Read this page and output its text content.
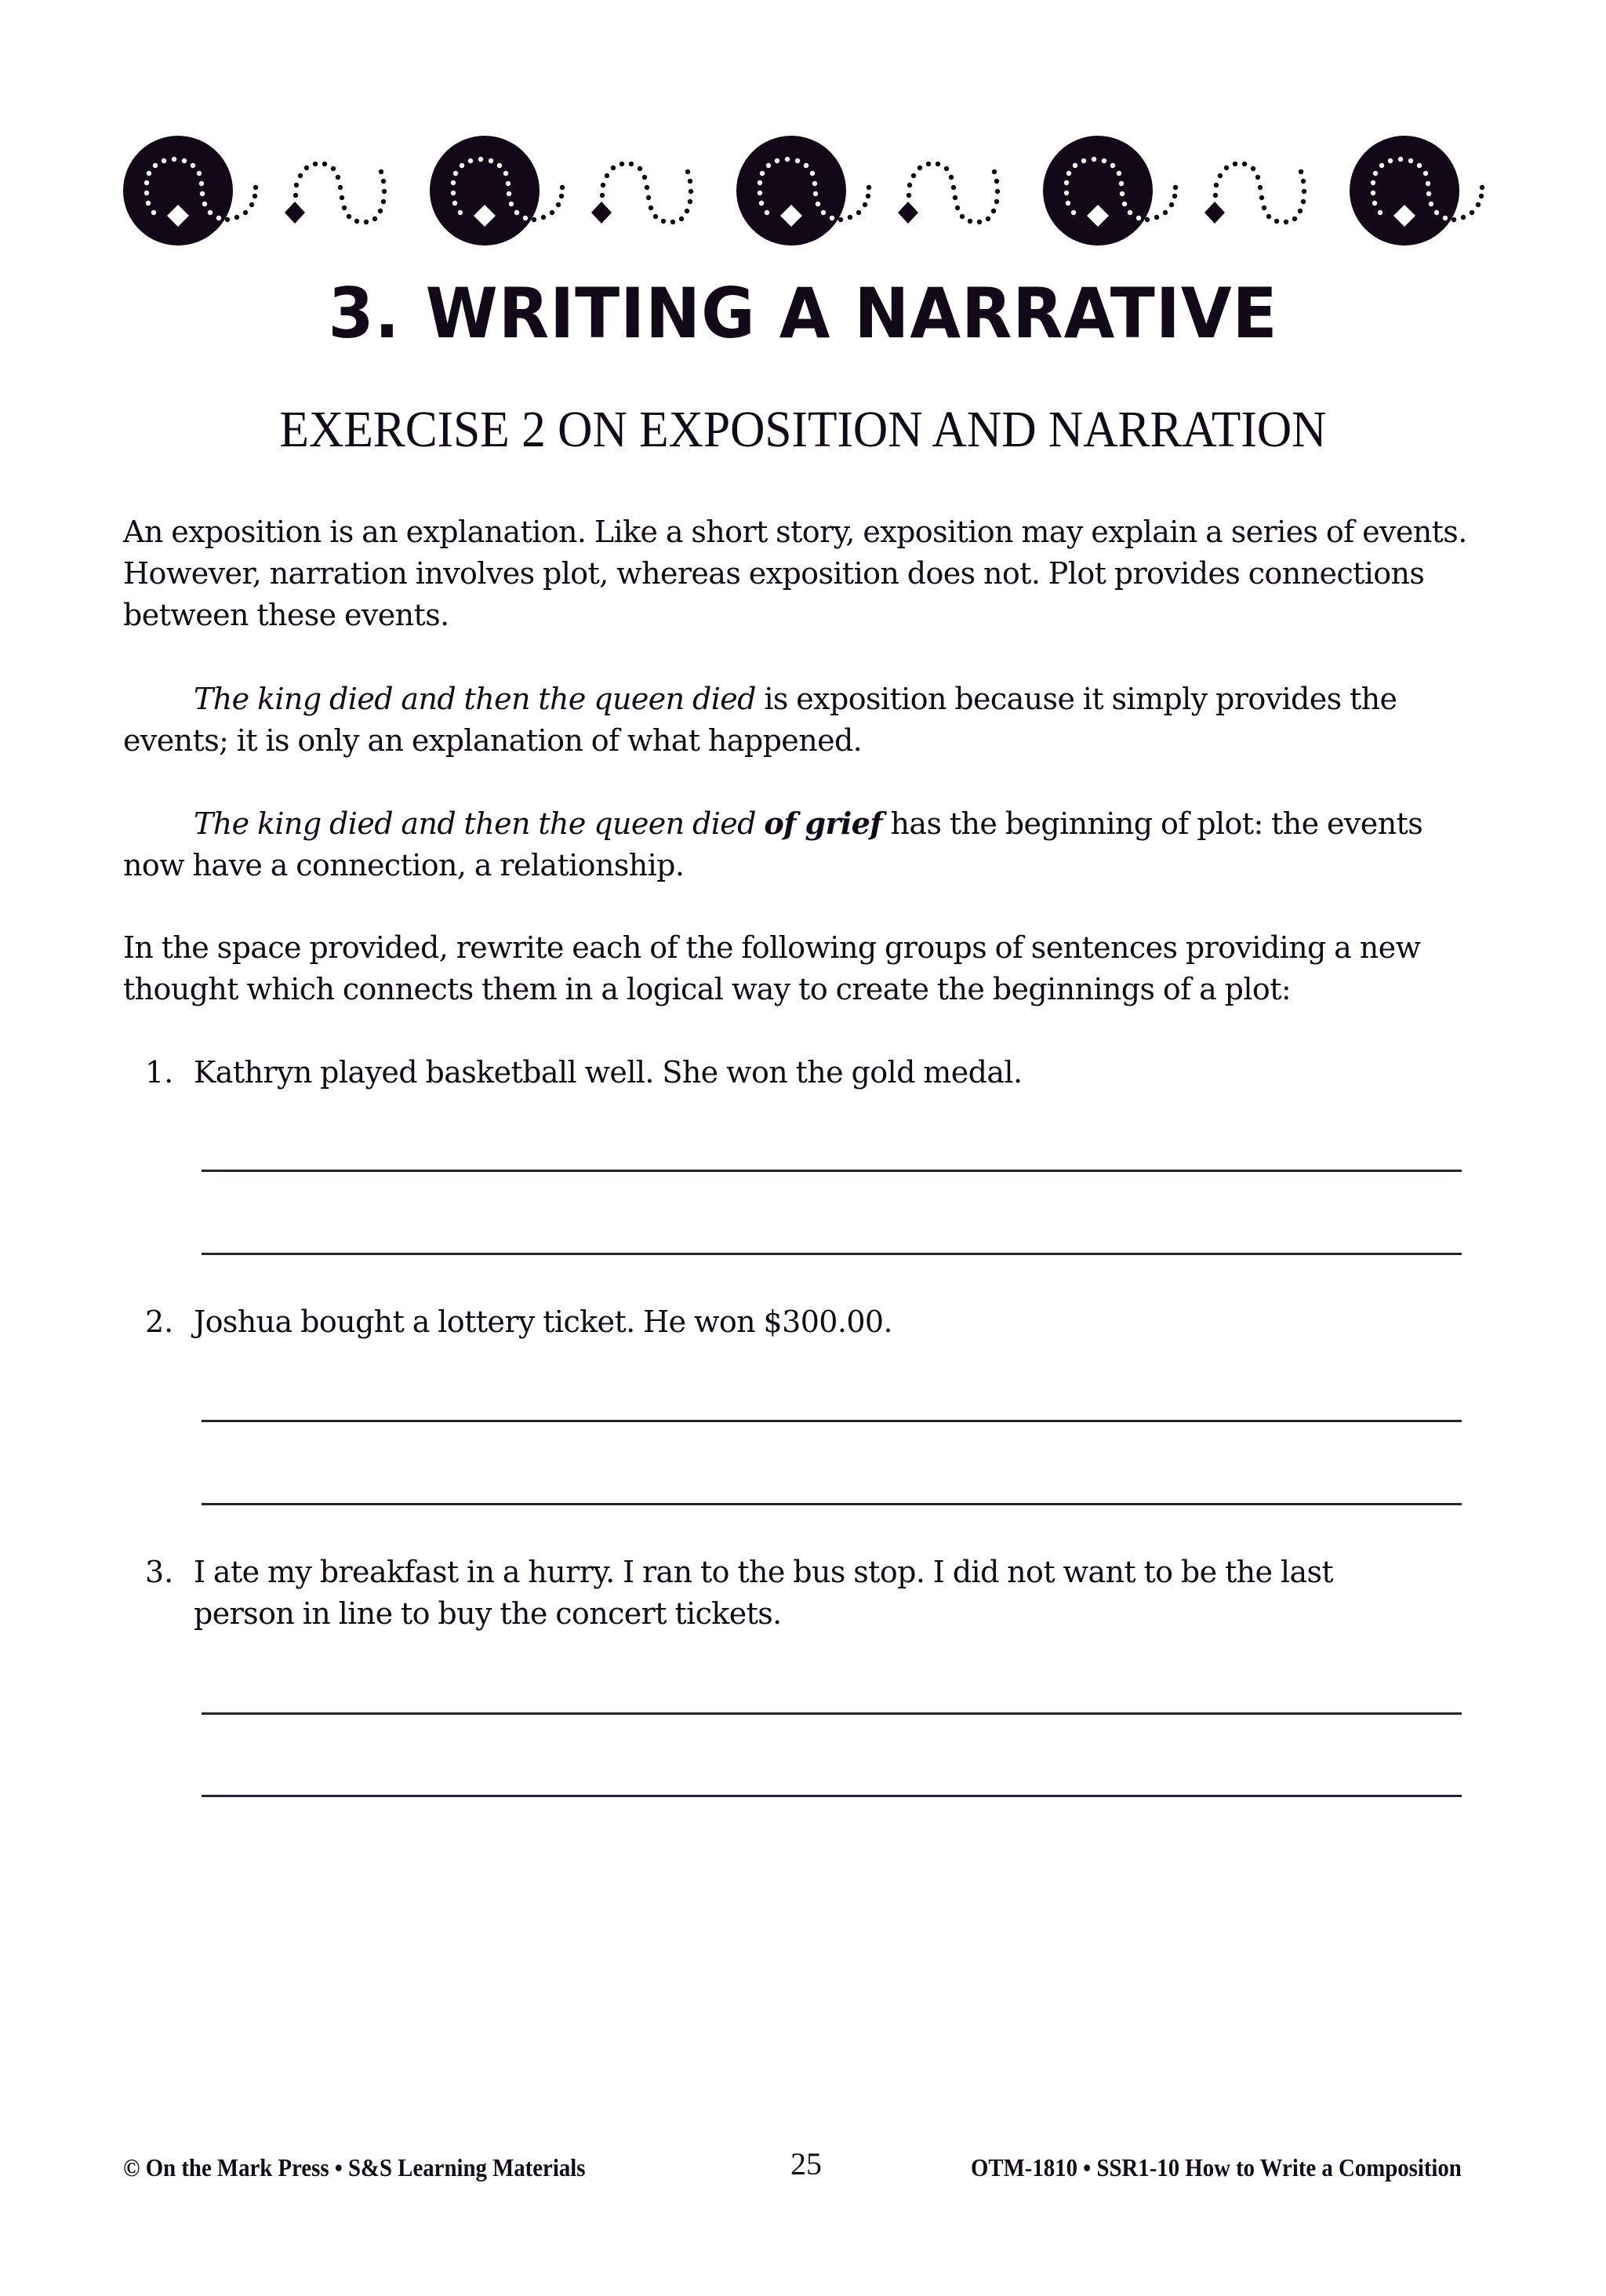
3. WRITING A NARRATIVE
EXERCISE 2 ON EXPOSITION AND NARRATION
An exposition is an explanation. Like a short story, exposition may explain a series of events. However, narration involves plot, whereas exposition does not. Plot provides connections between these events.
The king died and then the queen died is exposition because it simply provides the events; it is only an explanation of what happened.
The king died and then the queen died of grief has the beginning of plot: the events now have a connection, a relationship.
In the space provided, rewrite each of the following groups of sentences providing a new thought which connects them in a logical way to create the beginnings of a plot:
1. Kathryn played basketball well. She won the gold medal.
2. Joshua bought a lottery ticket. He won $300.00.
3. I ate my breakfast in a hurry. I ran to the bus stop. I did not want to be the last person in line to buy the concert tickets.
© On the Mark Press • S&S Learning Materials	25	OTM-1810 • SSR1-10 How to Write a Composition
